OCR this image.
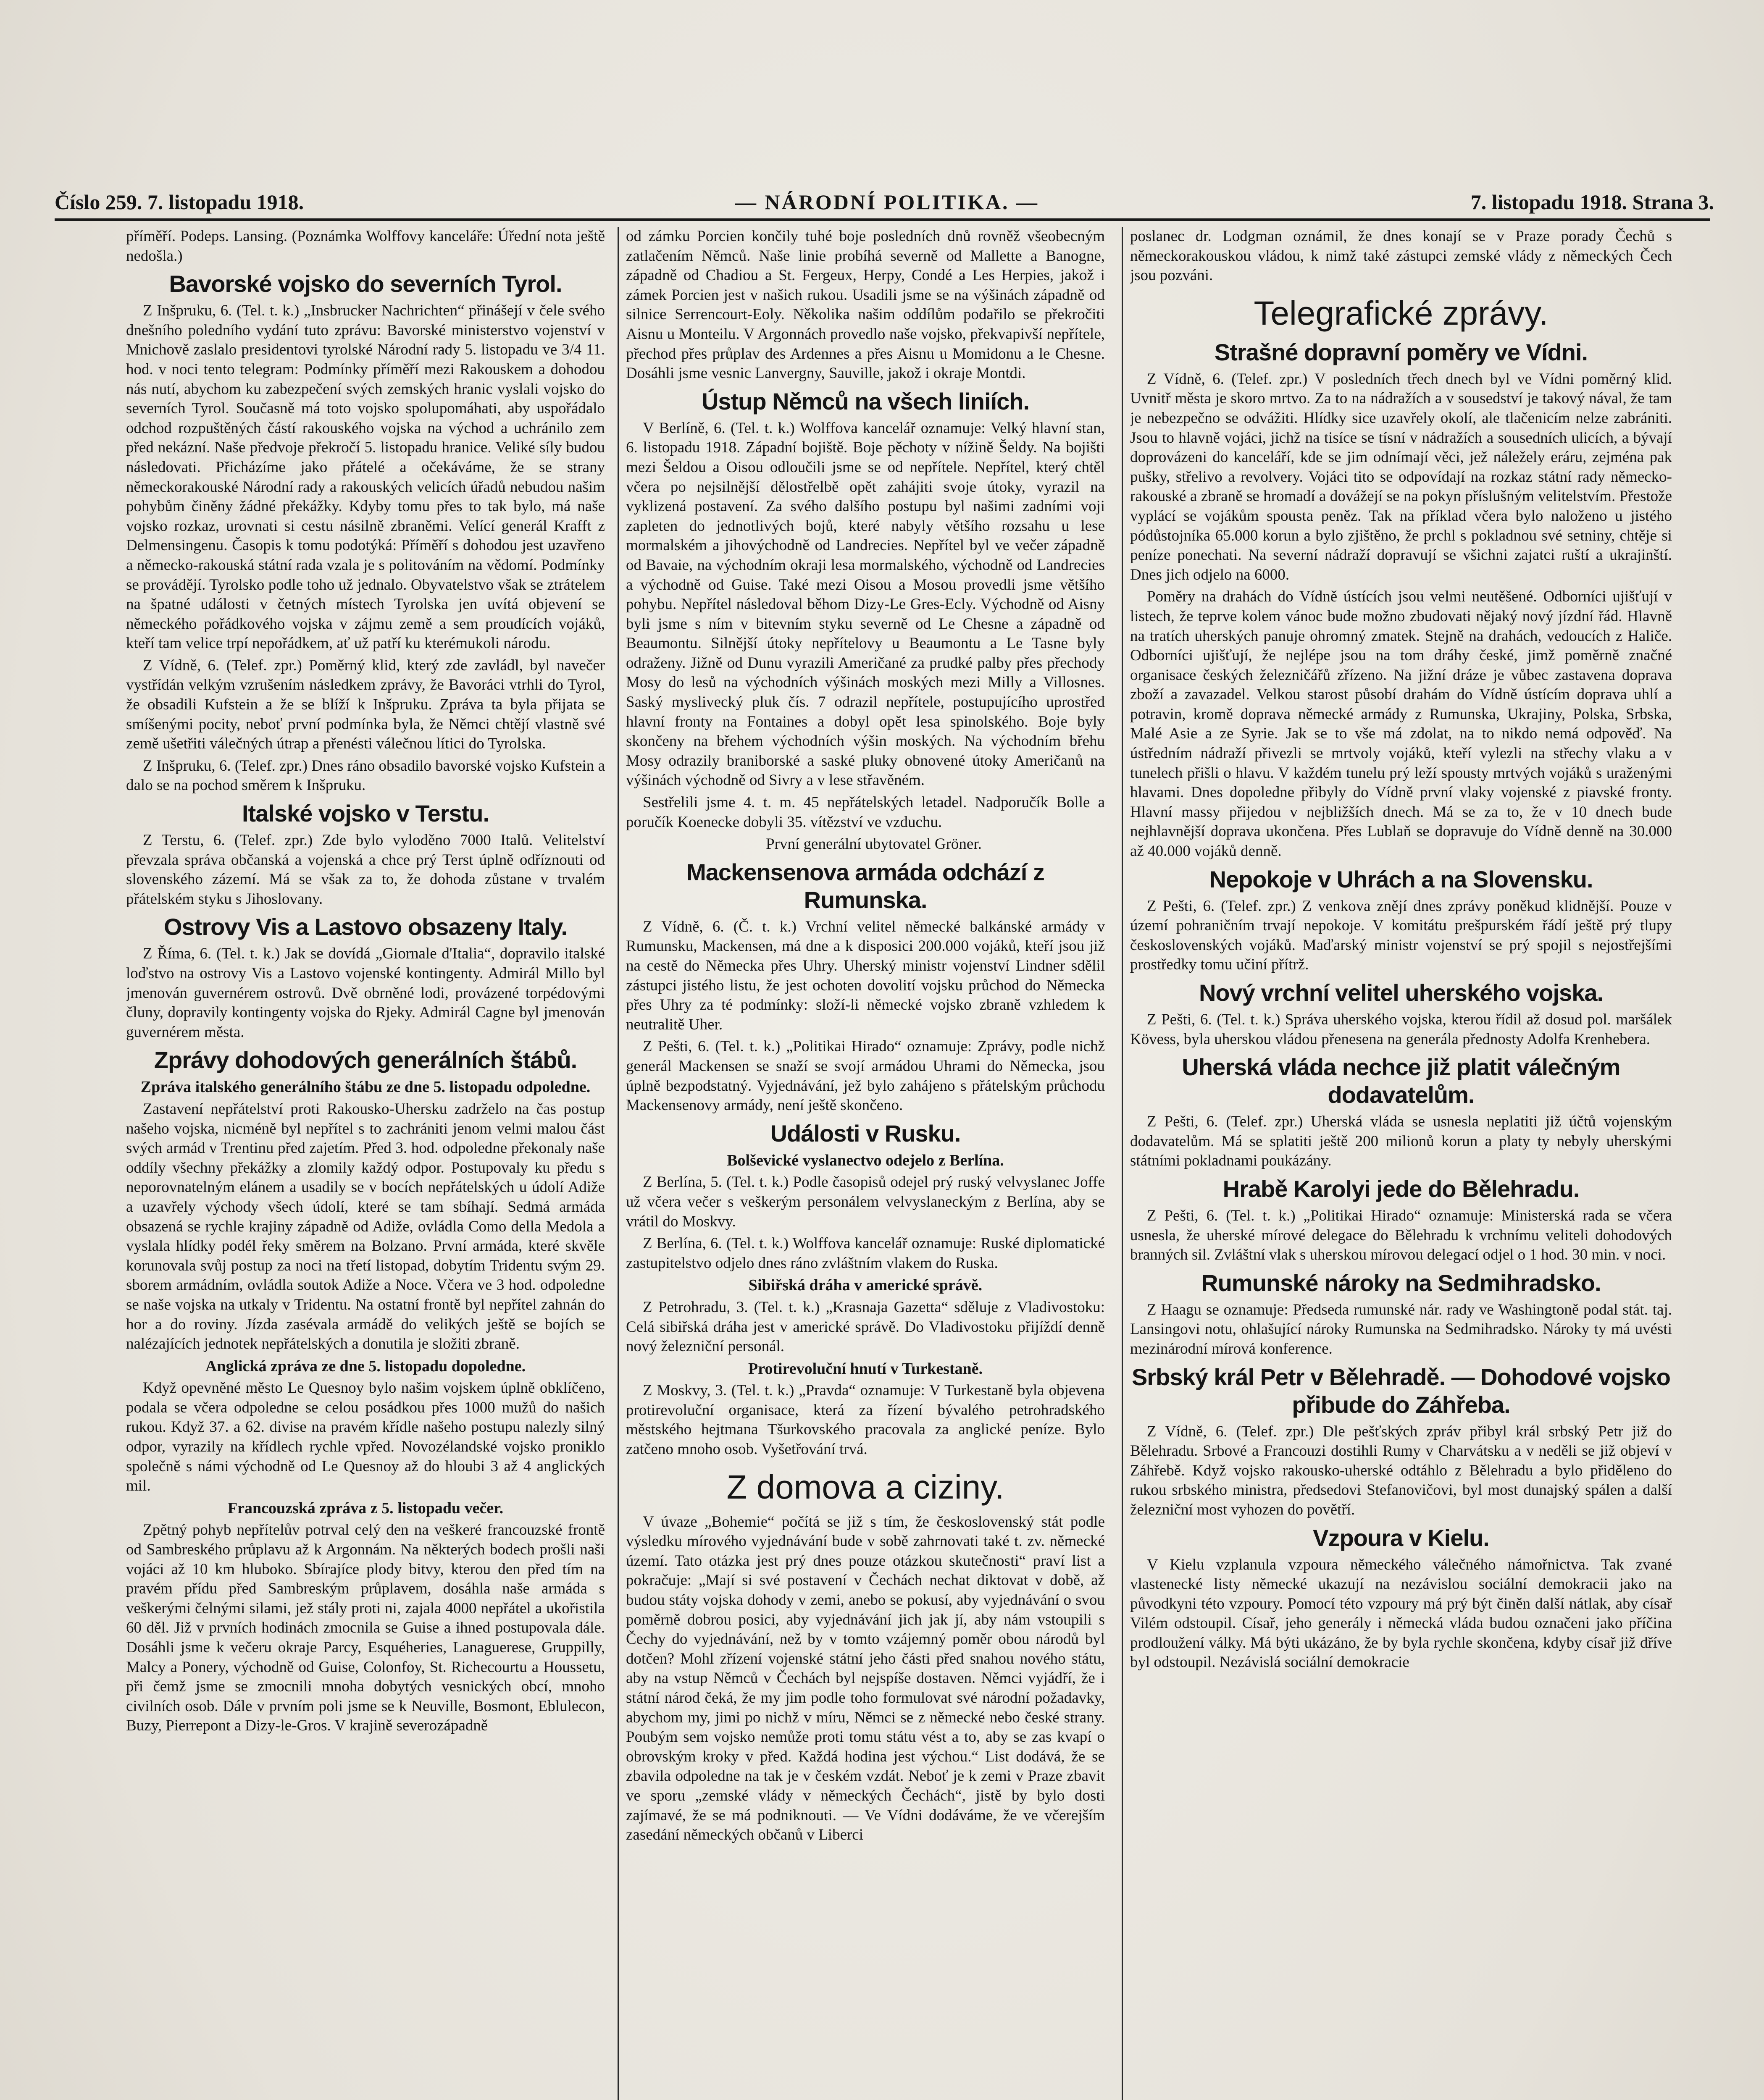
Číslo 259. 7. listopadu 1918.	— NÁRODNÍ POLITIKA. —	7. listopadu 1918. Strana 3.

příměří. Podeps. Lansing. (Poznámka Wolffovy kanceláře: Úřední nota ještě nedošla.)

Bavorské vojsko do severních Tyrol.

Z Inšpruku, 6. (Tel. t. k.) „Insbrucker Nachrichten“ přinášejí v čele svého dnešního poledního vydání tuto zprávu: Bavorské ministerstvo vojenství v Mnichově zaslalo presidentovi tyrolské Národní rady 5. listopadu ve 3/4 11. hod. v noci tento telegram: Podmínky příměří mezi Rakouskem a dohodou nás nutí, abychom ku zabezpečení svých zemských hranic vyslali vojsko do severních Tyrol. Současně má toto vojsko spolupomáhati, aby uspořádalo odchod rozpuštěných částí rakouského vojska na východ a uchránilo zem před nekázní. Naše předvoje překročí 5. listopadu hranice. Veliké síly budou následovati. Přicházíme jako přátelé a očekáváme, že se strany německorakouské Národní rady a rakouských velicích úřadů nebudou našim pohybům činěny žádné překážky. Kdyby tomu přes to tak bylo, má naše vojsko rozkaz, urovnati si cestu násilně zbraněmi. Velící generál Krafft z Delmensingenu. Časopis k tomu podotýká: Příměří s dohodou jest uzavřeno a německo-rakouská státní rada vzala je s politováním na vědomí. Podmínky se provádějí. Tyrolsko podle toho už jednalo. Obyvatelstvo však se ztrátelem na špatné události v četných místech Tyrolska jen uvítá objevení se německého pořádkového vojska v zájmu země a sem proudících vojáků, kteří tam velice trpí nepořádkem, ať už patří ku kterémukoli národu.

Z Vídně, 6. (Telef. zpr.) Poměrný klid, který zde zavládl, byl navečer vystřídán velkým vzrušením následkem zprávy, že Bavoráci vtrhli do Tyrol, že obsadili Kufstein a že se blíží k Inšpruku. Zpráva ta byla přijata se smíšenými pocity, neboť první podmínka byla, že Němci chtějí vlastně své země ušetřiti válečných útrap a přenésti válečnou lítici do Tyrolska.

Z Inšpruku, 6. (Telef. zpr.) Dnes ráno obsadilo bavorské vojsko Kufstein a dalo se na pochod směrem k Inšpruku.

Italské vojsko v Terstu.

Z Terstu, 6. (Telef. zpr.) Zde bylo vyloděno 7000 Italů. Velitelství převzala správa občanská a vojenská a chce prý Terst úplně odříznouti od slovenského zázemí. Má se však za to, že dohoda zůstane v trvalém přátelském styku s Jihoslovany.

Ostrovy Vis a Lastovo obsazeny Italy.

Z Říma, 6. (Tel. t. k.) Jak se dovídá „Giornale d'Italia“, dopravilo italské loďstvo na ostrovy Vis a Lastovo vojenské kontingenty. Admirál Millo byl jmenován guvernérem ostrovů. Dvě obrněné lodi, provázené torpédovými čluny, dopravily kontingenty vojska do Rjeky. Admirál Cagne byl jmenován guvernérem města.

Zprávy dohodových generálních štábů.
Zpráva italského generálního štábu ze dne 5. listopadu odpoledne.

Zastavení nepřátelství proti Rakousko-Uhersku zadrželo na čas postup našeho vojska, nicméně byl nepřítel s to zachrániti jenom velmi malou část svých armád v Trentinu před zajetím. Před 3. hod. odpoledne překonaly naše oddíly všechny překážky a zlomily každý odpor. Postupovaly ku předu s neporovnatelným elánem a usadily se v bocích nepřátelských u údolí Adiže a uzavřely východy všech údolí, které se tam sbíhají. Sedmá armáda obsazená se rychle krajiny západně od Adiže, ovládla Como della Medola a vyslala hlídky podél řeky směrem na Bolzano. První armáda, které skvěle korunovala svůj postup za noci na třetí listopad, dobytím Tridentu svým 29. sborem armádním, ovládla soutok Adiže a Noce. Včera ve 3 hod. odpoledne se naše vojska na utkaly v Tridentu. Na ostatní frontě byl nepřítel zahnán do hor a do roviny. Jízda zasévala armádě do velikých ještě se bojích se nalézajících jednotek nepřátelských a donutila je složiti zbraně.

Anglická zpráva ze dne 5. listopadu dopoledne.

Když opevněné město Le Quesnoy bylo našim vojskem úplně obklíčeno, podala se včera odpoledne se celou posádkou přes 1000 mužů do našich rukou. Když 37. a 62. divise na pravém křídle našeho postupu nalezly silný odpor, vyrazily na křídlech rychle vpřed. Novozélandské vojsko proniklo společně s námi východně od Le Quesnoy až do hloubi 3 až 4 anglických mil.

Francouzská zpráva z 5. listopadu večer.

Zpětný pohyb nepřítelův potrval celý den na veškeré francouzské frontě od Sambreského průplavu až k Argonnám. Na některých bodech prošli naši vojáci až 10 km hluboko. Sbírajíce plody bitvy, kterou den před tím na pravém přídu před Sambreským průplavem, dosáhla naše armáda s veškerými čelnými silami, jež stály proti ni, zajala 4000 nepřátel a ukořistila 60 děl. Již v prvních hodinách zmocnila se Guise a ihned postupovala dále. Dosáhli jsme k večeru okraje Parcy, Esquéheries, Lanaguerese, Gruppilly, Malcy a Ponery, východně od Guise, Colonfoy, St. Richecourtu a Houssetu, při čemž jsme se zmocnili mnoha dobytých vesnických obcí, mnoho civilních osob. Dále v prvním poli jsme se k Neuville, Bosmont, Eblulecon, Buzy, Pierrepont a Dizy-le-Gros. V krajině severozápadně

od zámku Porcien končily tuhé boje posledních dnů rovněž všeobecným zatlačením Němců. Naše linie probíhá severně od Mallette a Banogne, západně od Chadiou a St. Fergeux, Herpy, Condé a Les Herpies, jakož i zámek Porcien jest v našich rukou. Usadili jsme se na výšinách západně od silnice Serrencourt-Eoly. Několika našim oddílům podařilo se překročiti Aisnu u Monteilu. V Argonnách provedlo naše vojsko, překvapivší nepřítele, přechod přes průplav des Ardennes a přes Aisnu u Momidonu a le Chesne. Dosáhli jsme vesnic Lanvergny, Sauville, jakož i okraje Montdi.

Ústup Němců na všech liniích.

V Berlíně, 6. (Tel. t. k.) Wolffova kancelář oznamuje: Velký hlavní stan, 6. listopadu 1918. Západní bojiště. Boje pěchoty v nížině Šeldy. Na bojišti mezi Šeldou a Oisou odloučili jsme se od nepřítele. Nepřítel, který chtěl včera po nejsilnější dělostřelbě opět zahájiti svoje útoky, vyrazil na vyklizená postavení. Za svého dalšího postupu byl našimi zadními voji zapleten do jednotlivých bojů, které nabyly většího rozsahu u lese mormalském a jihovýchodně od Landrecies. Nepřítel byl ve večer západně od Bavaie, na východním okraji lesa mormalského, východně od Landrecies a východně od Guise. Také mezi Oisou a Mosou provedli jsme většího pohybu. Nepřítel následoval běhom Dizy-Le Gres-Ecly. Východně od Aisny byli jsme s ním v bitevním styku severně od Le Chesne a západně od Beaumontu. Silnější útoky nepřítelovy u Beaumontu a Le Tasne byly odraženy. Jižně od Dunu vyrazili Američané za prudké palby přes přechody Mosy do lesů na východních výšinách moských mezi Milly a Villosnes. Saský myslivecký pluk čís. 7 odrazil nepřítele, postupujícího uprostřed hlavní fronty na Fontaines a dobyl opět lesa spinolského. Boje byly skončeny na břehem východních výšin moských. Na východním břehu Mosy odrazily braniborské a saské pluky obnovené útoky Američanů na výšinách východně od Sivry a v lese střavěném.

Sestřelili jsme 4. t. m. 45 nepřátelských letadel. Nadporučík Bolle a poručík Koenecke dobyli 35. vítězství ve vzduchu.

První generální ubytovatel Gröner.

Mackensenova armáda odchází z Rumunska.

Z Vídně, 6. (Č. t. k.) Vrchní velitel německé balkánské armády v Rumunsku, Mackensen, má dne a k disposici 200.000 vojáků, kteří jsou již na cestě do Německa přes Uhry. Uherský ministr vojenství Lindner sdělil zástupci jistého listu, že jest ochoten dovolití vojsku průchod do Německa přes Uhry za té podmínky: složí-li německé vojsko zbraně vzhledem k neutralitě Uher.

Z Pešti, 6. (Tel. t. k.) „Politikai Hirado“ oznamuje: Zprávy, podle nichž generál Mackensen se snaží se svojí armádou Uhrami do Německa, jsou úplně bezpodstatný. Vyjednávání, jež bylo zahájeno s přátelským průchodu Mackensenovy armády, není ještě skončeno.

Události v Rusku.
Bolševické vyslanectvo odejelo z Berlína.

Z Berlína, 5. (Tel. t. k.) Podle časopisů odejel prý ruský velvyslanec Joffe už včera večer s veškerým personálem velvyslaneckým z Berlína, aby se vrátil do Moskvy.

Z Berlína, 6. (Tel. t. k.) Wolffova kancelář oznamuje: Ruské diplomatické zastupitelstvo odjelo dnes ráno zvláštním vlakem do Ruska.

Sibiřská dráha v americké správě.

Z Petrohradu, 3. (Tel. t. k.) „Krasnaja Gazetta“ sděluje z Vladivostoku: Celá sibiřská dráha jest v americké správě. Do Vladivostoku přijíždí denně nový železniční personál.

Protirevoluční hnutí v Turkestaně.

Z Moskvy, 3. (Tel. t. k.) „Pravda“ oznamuje: V Turkestaně byla objevena protirevoluční organisace, která za řízení bývalého petrohradského městského hejtmana Tšurkovského pracovala za anglické peníze. Bylo zatčeno mnoho osob. Vyšetřování trvá.

Z domova a ciziny.

V úvaze „Bohemie“ počítá se již s tím, že československý stát podle výsledku mírového vyjednávání bude v sobě zahrnovati také t. zv. německé území. Tato otázka jest prý dnes pouze otázkou skutečnosti“ praví list a pokračuje: „Mají si své postavení v Čechách nechat diktovat v době, až budou státy vojska dohody v zemi, anebo se pokusí, aby vyjednávání o svou poměrně dobrou posici, aby vyjednávání jich jak jí, aby nám vstoupili s Čechy do vyjednávání, než by v tomto vzájemný poměr obou národů byl dotčen? Mohl zřízení vojenské státní jeho části před snahou nového státu, aby na vstup Němců v Čechách byl nejspíše dostaven. Němci vyjádří, že i státní národ čeká, že my jim podle toho formulovat své národní požadavky, abychom my, jimi po nichž v míru, Němci se z německé nebo české strany. Poubým sem vojsko nemůže proti tomu státu vést a to, aby se zas kvapí o obrovským kroky v před. Každá hodina jest výchou.“ List dodává, že se zbavila odpoledne na tak je v českém vzdát. Neboť je k zemi v Praze zbavit ve sporu „zemské vlády v německých Čechách“, jistě by bylo dosti zajímavé, že se má podniknouti. — Ve Vídni dodáváme, že ve včerejším zasedání německých občanů v Liberci

poslanec dr. Lodgman oznámil, že dnes konají se v Praze porady Čechů s německorakouskou vládou, k nimž také zástupci zemské vlády z německých Čech jsou pozváni.

Telegrafické zprávy.
Strašné dopravní poměry ve Vídni.

Z Vídně, 6. (Telef. zpr.) V posledních třech dnech byl ve Vídni poměrný klid. Uvnitř města je skoro mrtvo. Za to na nádražích a v sousedství je takový nával, že tam je nebezpečno se odvážiti. Hlídky sice uzavřely okolí, ale tlačenicím nelze zabrániti. Jsou to hlavně vojáci, jichž na tisíce se tísní v nádražích a sousedních ulicích, a bývají doprovázeni do kanceláří, kde se jim odnímají věci, jež náležely eráru, zejména pak pušky, střelivo a revolvery. Vojáci tito se odpovídají na rozkaz státní rady německo-rakouské a zbraně se hromadí a dovážejí se na pokyn příslušným velitelstvím. Přestože vyplácí se vojákům spousta peněz. Tak na příklad včera bylo naloženo u jistého pódůstojníka 65.000 korun a bylo zjištěno, že prchl s pokladnou své setniny, chtěje si peníze ponechati. Na severní nádraží dopravují se všichni zajatci ruští a ukrajinští. Dnes jich odjelo na 6000.

Poměry na drahách do Vídně ústících jsou velmi neutěšené. Odborníci ujišťují v listech, že teprve kolem vánoc bude možno zbudovati nějaký nový jízdní řád. Hlavně na tratích uherských panuje ohromný zmatek. Stejně na drahách, vedoucích z Haliče. Odborníci ujišťují, že nejlépe jsou na tom dráhy české, jimž poměrně značné organisace českých železničářů zřízeno. Na jižní dráze je vůbec zastavena doprava zboží a zavazadel. Velkou starost působí drahám do Vídně ústícím doprava uhlí a potravin, kromě doprava německé armády z Rumunska, Ukrajiny, Polska, Srbska, Malé Asie a ze Syrie. Jak se to vše má zdolat, na to nikdo nemá odpověď. Na ústředním nádraží přivezli se mrtvoly vojáků, kteří vylezli na střechy vlaku a v tunelech přišli o hlavu. V každém tunelu prý leží spousty mrtvých vojáků s uraženými hlavami. Dnes dopoledne přibyly do Vídně první vlaky vojenské z piavské fronty. Hlavní massy přijedou v nejbližších dnech. Má se za to, že v 10 dnech bude nejhlavnější doprava ukončena. Přes Lublaň se dopravuje do Vídně denně na 30.000 až 40.000 vojáků denně.

Nepokoje v Uhrách a na Slovensku.

Z Pešti, 6. (Telef. zpr.) Z venkova znějí dnes zprávy poněkud klidnější. Pouze v území pohraničním trvají nepokoje. V komitátu prešpurském řádí ještě prý tlupy československých vojáků. Maďarský ministr vojenství se prý spojil s nejostřejšími prostředky tomu učiní přítrž.

Nový vrchní velitel uherského vojska.

Z Pešti, 6. (Tel. t. k.) Správa uherského vojska, kterou řídil až dosud pol. maršálek Kövess, byla uherskou vládou přenesena na generála přednosty Adolfa Krenhebera.

Uherská vláda nechce již platit válečným dodavatelům.

Z Pešti, 6. (Telef. zpr.) Uherská vláda se usnesla neplatiti již účtů vojenským dodavatelům. Má se splatiti ještě 200 milionů korun a platy ty nebyly uherskými státními pokladnami poukázány.

Hrabě Karolyi jede do Bělehradu.

Z Pešti, 6. (Tel. t. k.) „Politikai Hirado“ oznamuje: Ministerská rada se včera usnesla, že uherské mírové delegace do Bělehradu k vrchnímu veliteli dohodových branných sil. Zvláštní vlak s uherskou mírovou delegací odjel o 1 hod. 30 min. v noci.

Rumunské nároky na Sedmihradsko.

Z Haagu se oznamuje: Předseda rumunské nár. rady ve Washingtoně podal stát. taj. Lansingovi notu, ohlašující nároky Rumunska na Sedmihradsko. Nároky ty má uvésti mezinárodní mírová konference.

Srbský král Petr v Bělehradě. — Dohodové vojsko přibude do Záhřeba.

Z Vídně, 6. (Telef. zpr.) Dle pešťských zpráv přibyl král srbský Petr již do Bělehradu. Srbové a Francouzi dostihli Rumy v Charvátsku a v neděli se již objeví v Záhřebě. Když vojsko rakousko-uherské odtáhlo z Bělehradu a bylo přiděleno do rukou srbského ministra, předsedovi Stefanovičovi, byl most dunajský spálen a další železniční most vyhozen do povětří.

Vzpoura v Kielu.

V Kielu vzplanula vzpoura německého válečného námořnictva. Tak zvané vlastenecké listy německé ukazují na nezávislou sociální demokracii jako na původkyni této vzpoury. Pomocí této vzpoury má prý být činěn další nátlak, aby císař Vilém odstoupil. Císař, jeho generály i německá vláda budou označeni jako příčina prodloužení války. Má býti ukázáno, že by byla rychle skončena, kdyby císař již dříve byl odstoupil. Nezávislá sociální demokracie
